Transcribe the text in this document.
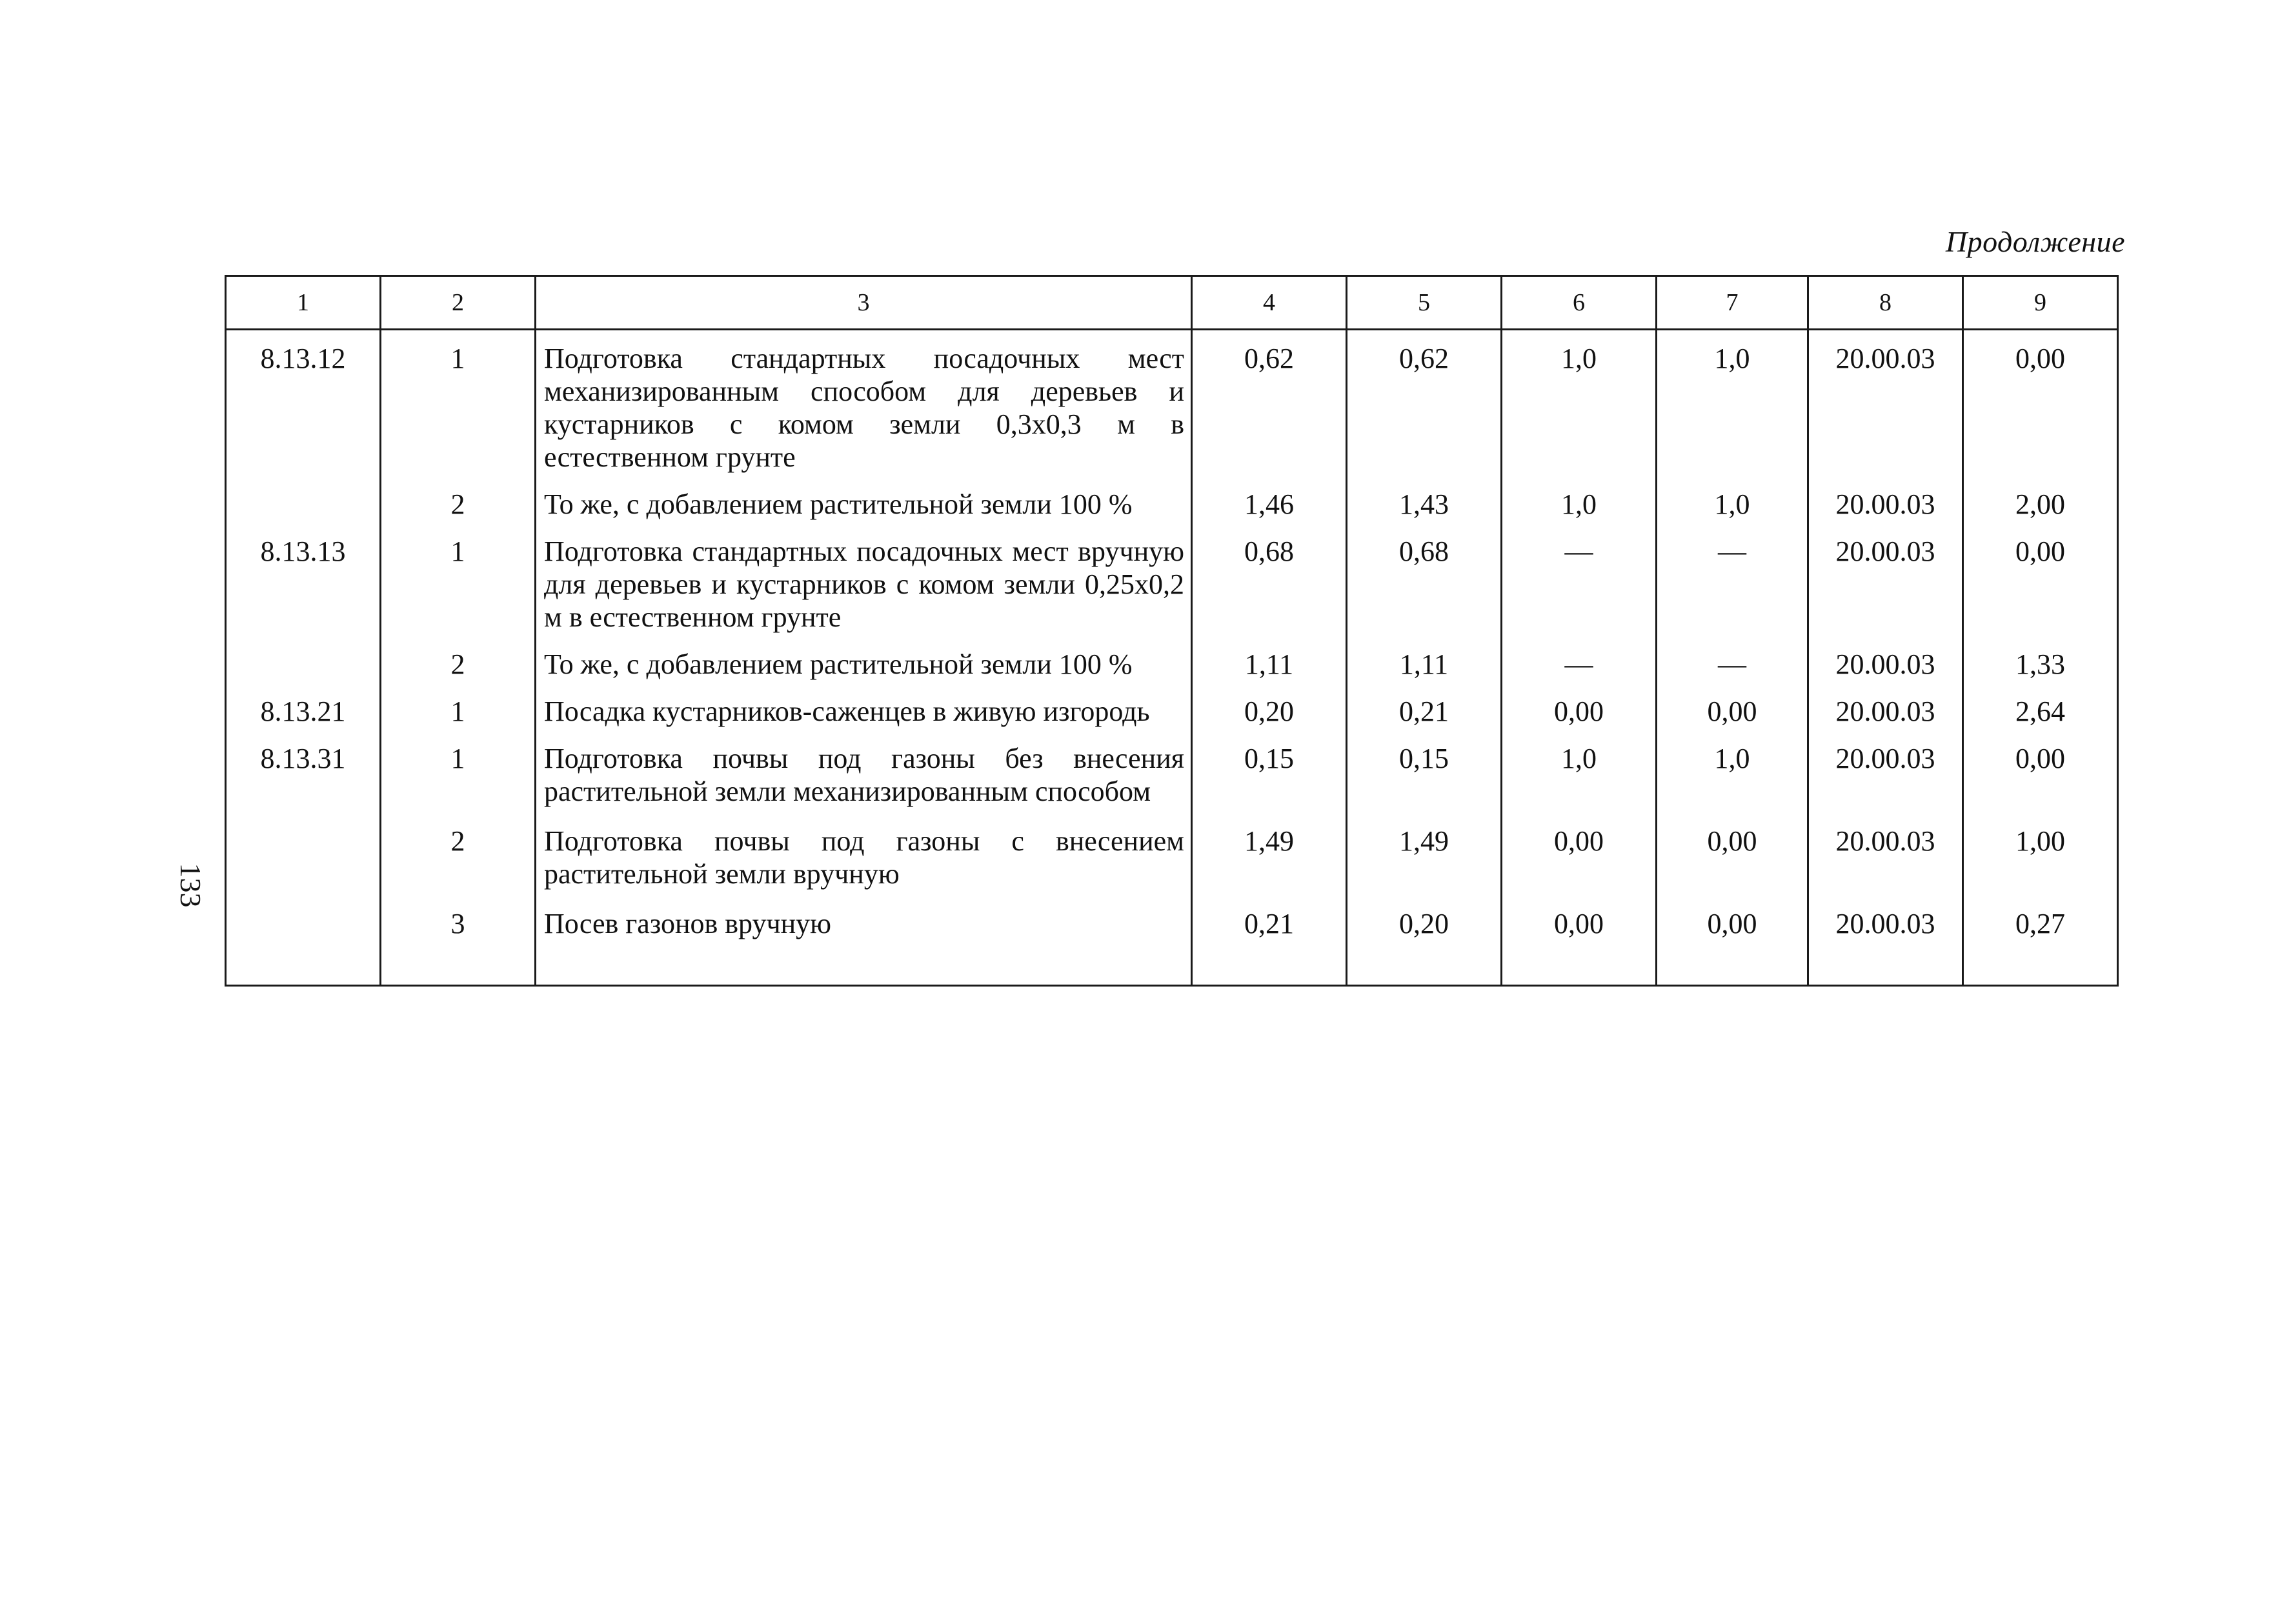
Продолжение
133
1	2	3	4	5	6	7	8	9
8.13.12	1	Подготовка стандартных посадочных мест механизированным способом для деревьев и кустарников с комом земли 0,3х0,3 м в естественном грунте	0,62	0,62	1,0	1,0	20.00.03	0,00
	2	То же, с добавлением растительной земли 100 %	1,46	1,43	1,0	1,0	20.00.03	2,00
8.13.13	1	Подготовка стандартных посадочных мест вручную для деревьев и кустарников с комом земли 0,25х0,2 м в естественном грунте	0,68	0,68	—	—	20.00.03	0,00
	2	То же, с добавлением растительной земли 100 %	1,11	1,11	—	—	20.00.03	1,33
8.13.21	1	Посадка кустарников-саженцев в живую изгородь	0,20	0,21	0,00	0,00	20.00.03	2,64
8.13.31	1	Подготовка почвы под газоны без внесения растительной земли механизированным способом	0,15	0,15	1,0	1,0	20.00.03	0,00
	2	Подготовка почвы под газоны с внесением растительной земли вручную	1,49	1,49	0,00	0,00	20.00.03	1,00
	3	Посев газонов вручную	0,21	0,20	0,00	0,00	20.00.03	0,27
